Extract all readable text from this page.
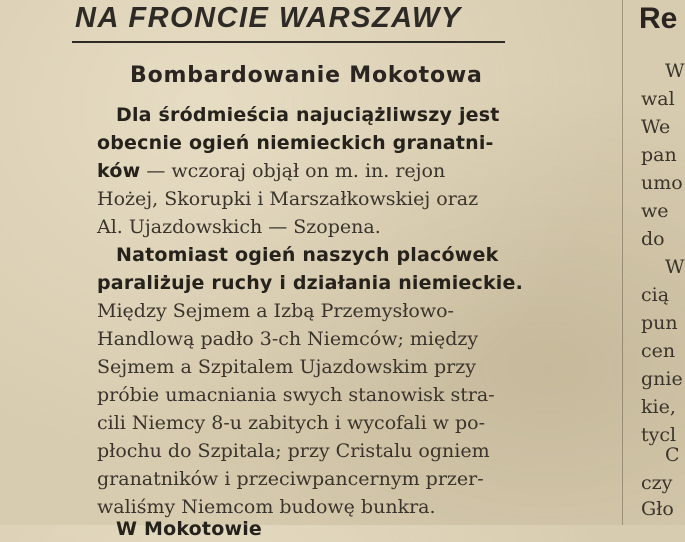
NA FRONCIE WARSZAWY
Bombardowanie Mokotowa
Dla śródmieścia najuciążliwszy jest
obecnie ogień niemieckich granatni-
ków — wczoraj objął on m. in. rejon
Hożej, Skorupki i Marszałkowskiej oraz
Al. Ujazdowskich — Szopena.
Natomiast ogień naszych placówek
paraliżuje ruchy i działania niemieckie.
Między Sejmem a Izbą Przemysłowo-
Handlową padło 3-ch Niemców; między
Sejmem a Szpitalem Ujazdowskim przy
próbie umacniania swych stanowisk stra-
cili Niemcy 8-u zabitych i wycofali w po-
płochu do Szpitala; przy Cristalu ogniem
granatników i przeciwpancernym przer-
waliśmy Niemcom budowę bunkra.
W Mokotowie
Re
W
wal
We
pan
umo
we
do
W
cią
pun
cen
gnie
kie,
tycl
C
czy
Gło
